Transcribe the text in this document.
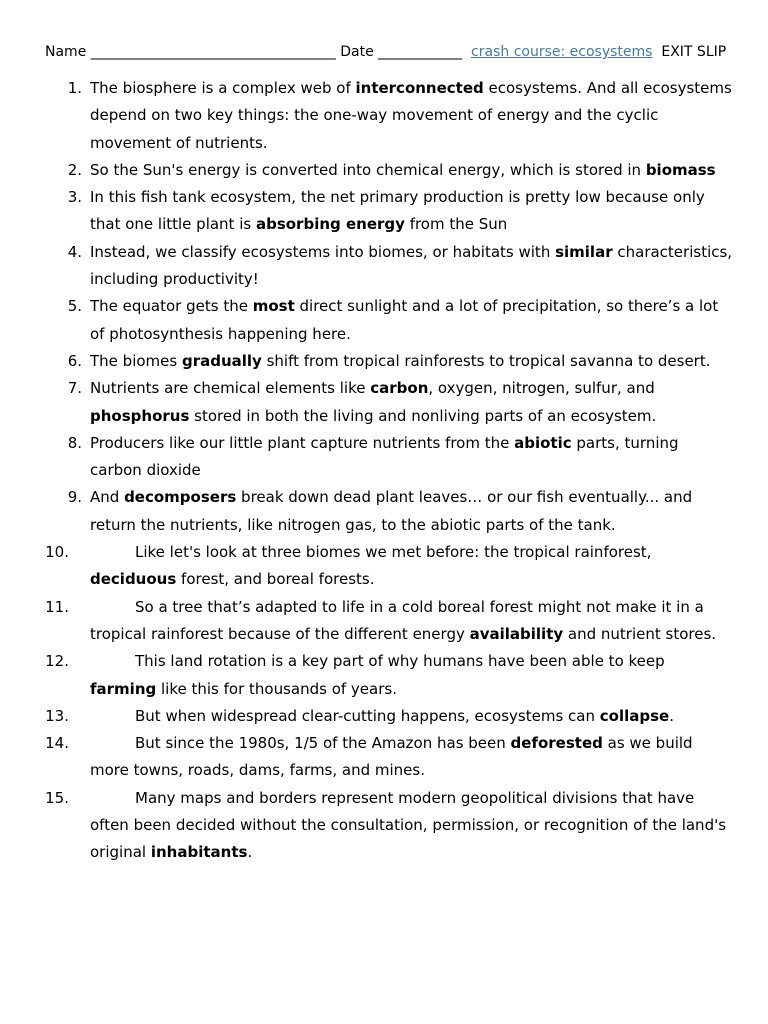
Name ___________________________________ Date ____________ crash course: ecosystems EXIT SLIP
1. The biosphere is a complex web of interconnected ecosystems. And all ecosystems depend on two key things: the one-way movement of energy and the cyclic movement of nutrients.
2. So the Sun's energy is converted into chemical energy, which is stored in biomass
3. In this fish tank ecosystem, the net primary production is pretty low because only that one little plant is absorbing energy from the Sun
4. Instead, we classify ecosystems into biomes, or habitats with similar characteristics, including productivity!
5. The equator gets the most direct sunlight and a lot of precipitation, so there’s a lot of photosynthesis happening here.
6. The biomes gradually shift from tropical rainforests to tropical savanna to desert.
7. Nutrients are chemical elements like carbon, oxygen, nitrogen, sulfur, and phosphorus stored in both the living and nonliving parts of an ecosystem.
8. Producers like our little plant capture nutrients from the abiotic parts, turning carbon dioxide
9. And decomposers break down dead plant leaves… or our fish eventually... and return the nutrients, like nitrogen gas, to the abiotic parts of the tank.
10.	Like let's look at three biomes we met before: the tropical rainforest, deciduous forest, and boreal forests.
11.	So a tree that’s adapted to life in a cold boreal forest might not make it in a tropical rainforest because of the different energy availability and nutrient stores.
12.	This land rotation is a key part of why humans have been able to keep farming like this for thousands of years.
13.	But when widespread clear-cutting happens, ecosystems can collapse.
14.	But since the 1980s, 1/5 of the Amazon has been deforested as we build more towns, roads, dams, farms, and mines.
15.	Many maps and borders represent modern geopolitical divisions that have often been decided without the consultation, permission, or recognition of the land's original inhabitants.
